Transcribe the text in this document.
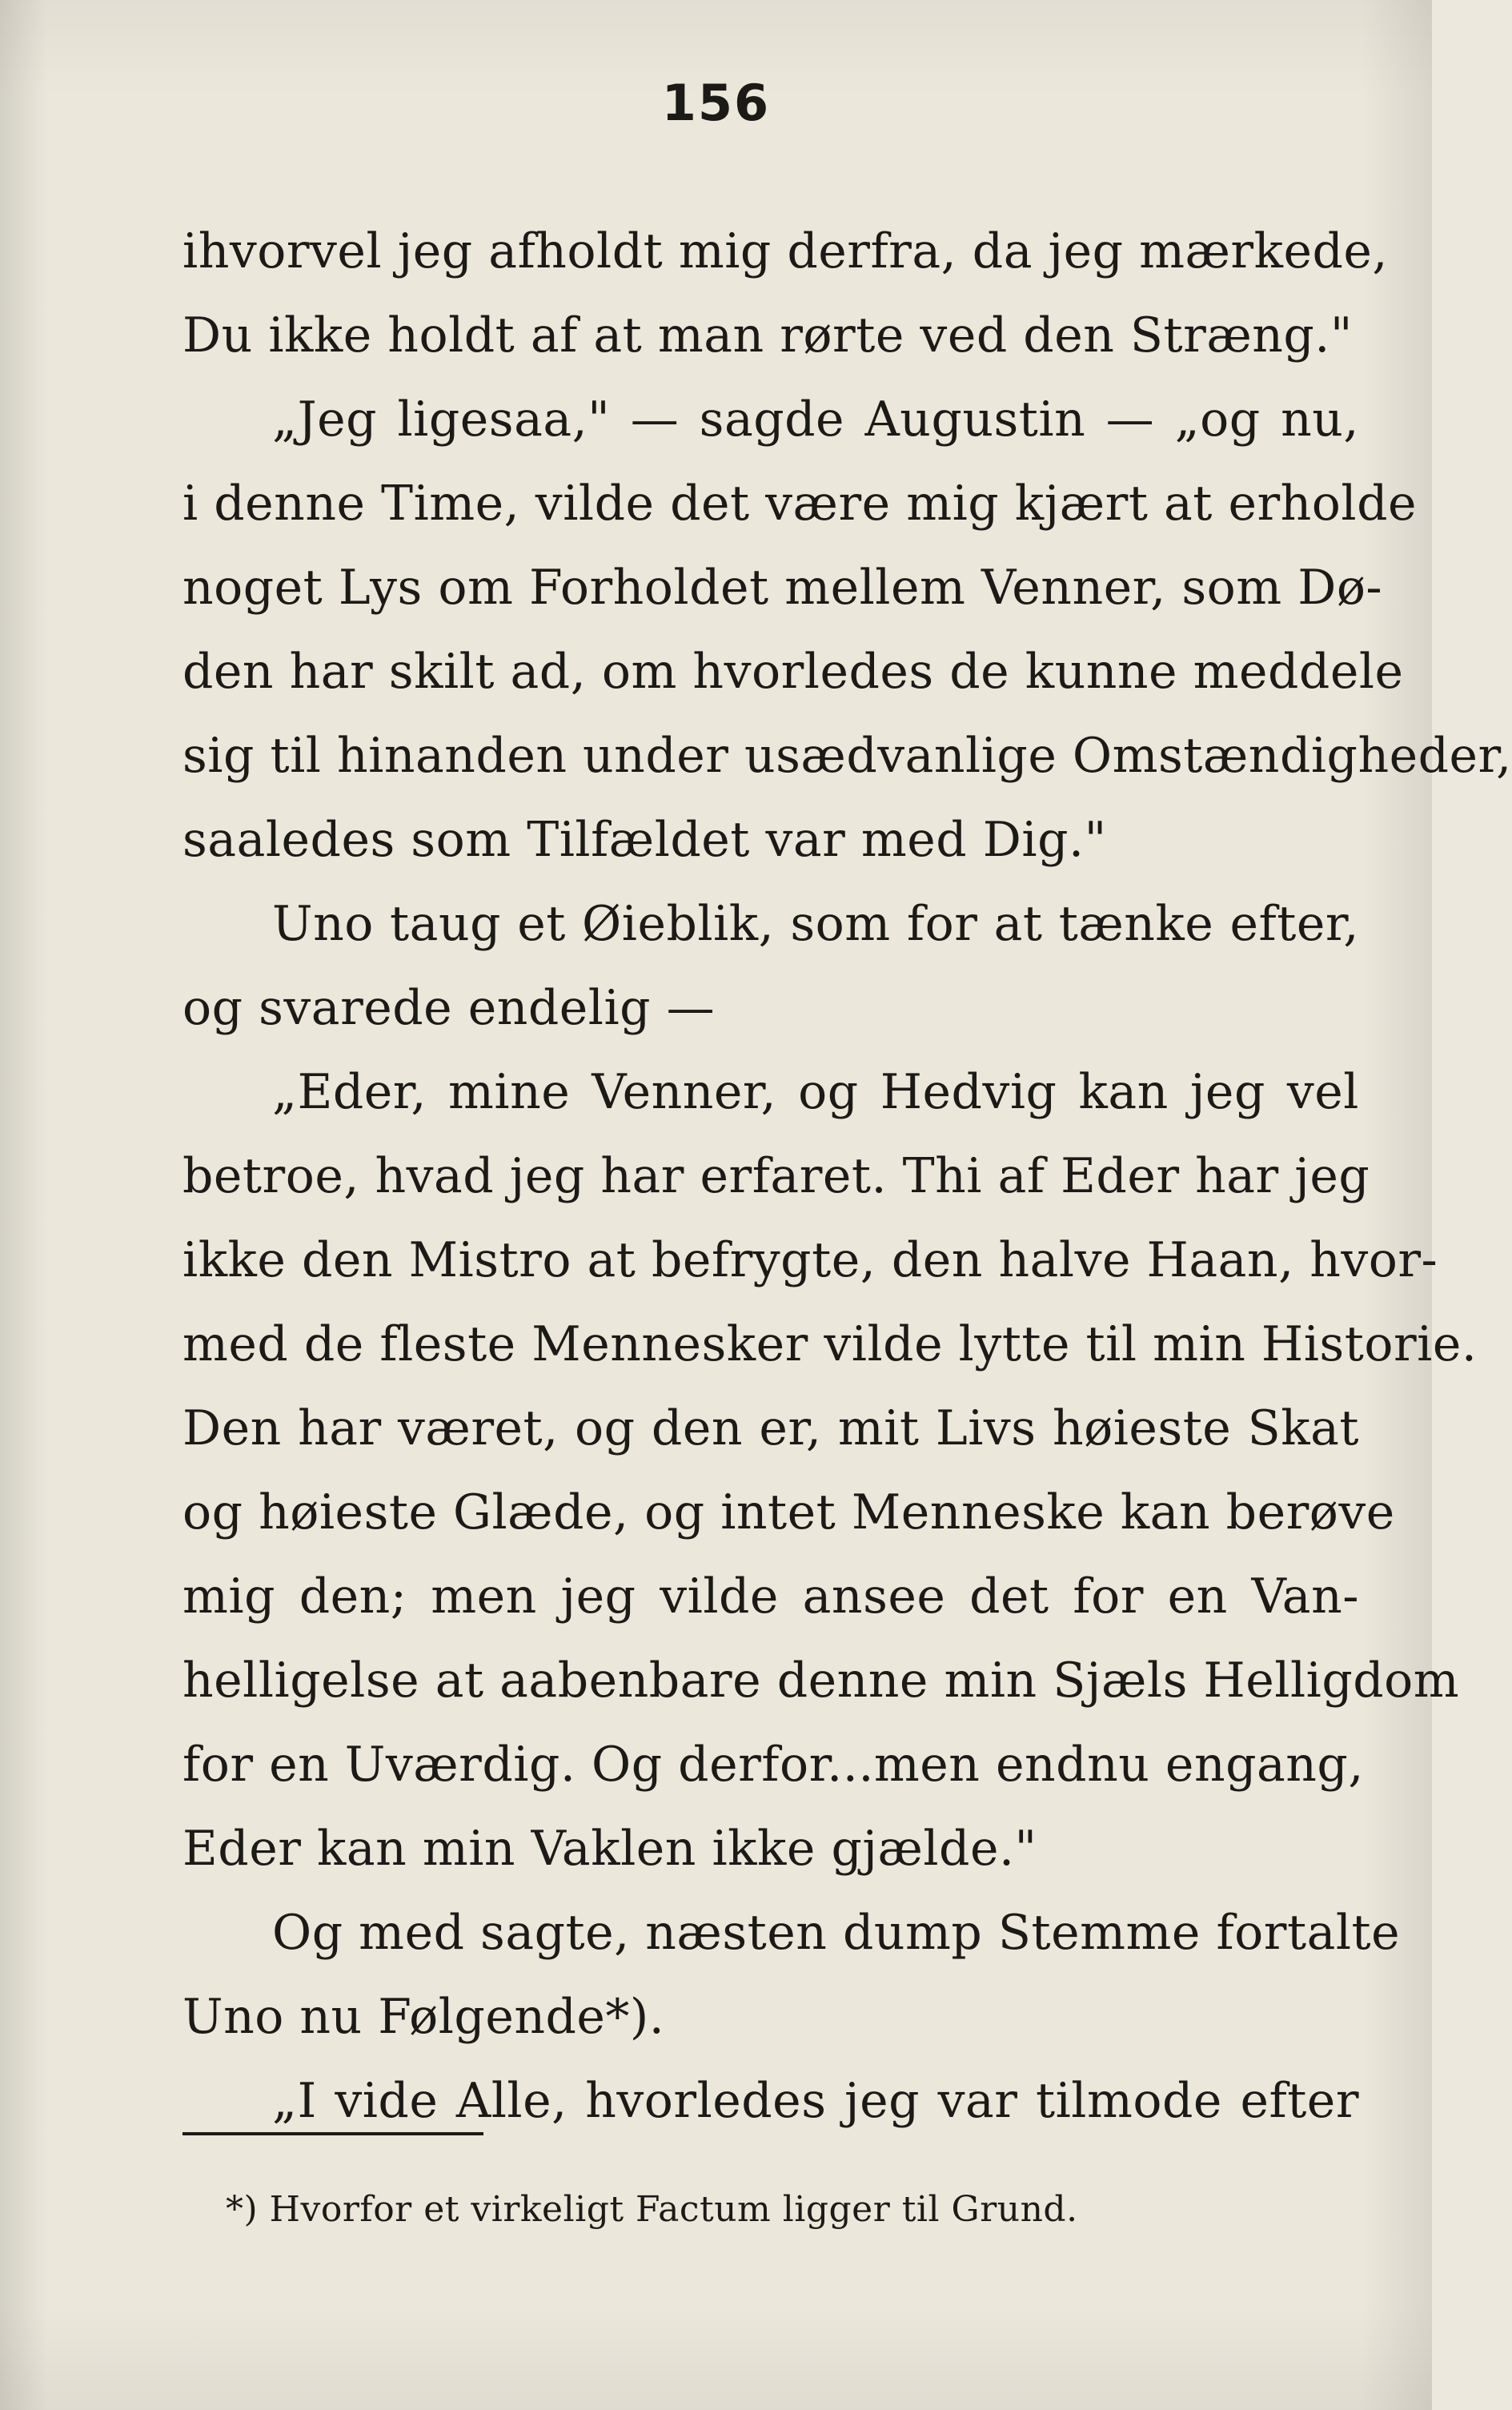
156
ihvorvel jeg afholdt mig derfra, da jeg mærkede,
Du ikke holdt af at man rørte ved den Stræng."
„Jeg ligesaa," — sagde Augustin — „og nu,
i denne Time, vilde det være mig kjært at erholde
noget Lys om Forholdet mellem Venner, som Dø-
den har skilt ad, om hvorledes de kunne meddele
sig til hinanden under usædvanlige Omstændigheder,
saaledes som Tilfældet var med Dig."
Uno taug et Øieblik, som for at tænke efter,
og svarede endelig —
„Eder, mine Venner, og Hedvig kan jeg vel
betroe, hvad jeg har erfaret. Thi af Eder har jeg
ikke den Mistro at befrygte, den halve Haan, hvor-
med de fleste Mennesker vilde lytte til min Historie.
Den har været, og den er, mit Livs høieste Skat
og høieste Glæde, og intet Menneske kan berøve
mig den; men jeg vilde ansee det for en Van-
helligelse at aabenbare denne min Sjæls Helligdom
for en Uværdig. Og derfor...men endnu engang,
Eder kan min Vaklen ikke gjælde."
Og med sagte, næsten dump Stemme fortalte
Uno nu Følgende*).
„I vide Alle, hvorledes jeg var tilmode efter
*) Hvorfor et virkeligt Factum ligger til Grund.
